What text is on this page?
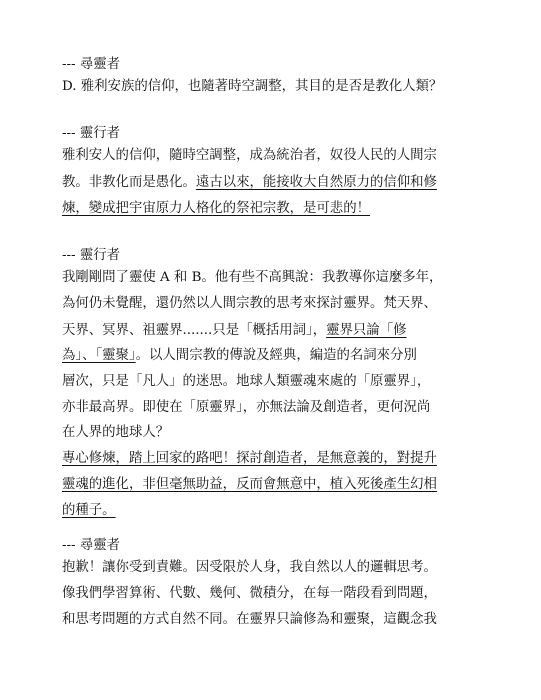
--- 尋靈者
D. 雅利安族的信仰，也隨著時空調整，其目的是否是教化人類？
--- 靈行者
雅利安人的信仰，隨時空調整，成為統治者，奴役人民的人間宗
教。非教化而是愚化。遠古以來，能接收大自然原力的信仰和修
煉，變成把宇宙原力人格化的祭祀宗教，是可悲的！
--- 靈行者
我剛剛問了靈使 A 和 B。他有些不高興說：我教導你這麼多年，
為何仍未覺醒，還仍然以人間宗教的思考來探討靈界。梵天界、
天界、冥界、祖靈界.......只是「概括用詞」，靈界只論「修
為」、「靈聚」。以人間宗教的傳說及經典，編造的名詞來分別
層次，只是「凡人」的迷思。地球人類靈魂來處的「原靈界」，
亦非最高界。即使在「原靈界」，亦無法論及創造者，更何況尚
在人界的地球人？
專心修煉，踏上回家的路吧！探討創造者，是無意義的，對提升
靈魂的進化，非但毫無助益，反而會無意中，植入死後產生幻相
的種子。
--- 尋靈者
抱歉！讓你受到責難。因受限於人身，我自然以人的邏輯思考。
像我們學習算術、代數、幾何、微積分，在每一階段看到問題，
和思考問題的方式自然不同。在靈界只論修為和靈聚，這觀念我
